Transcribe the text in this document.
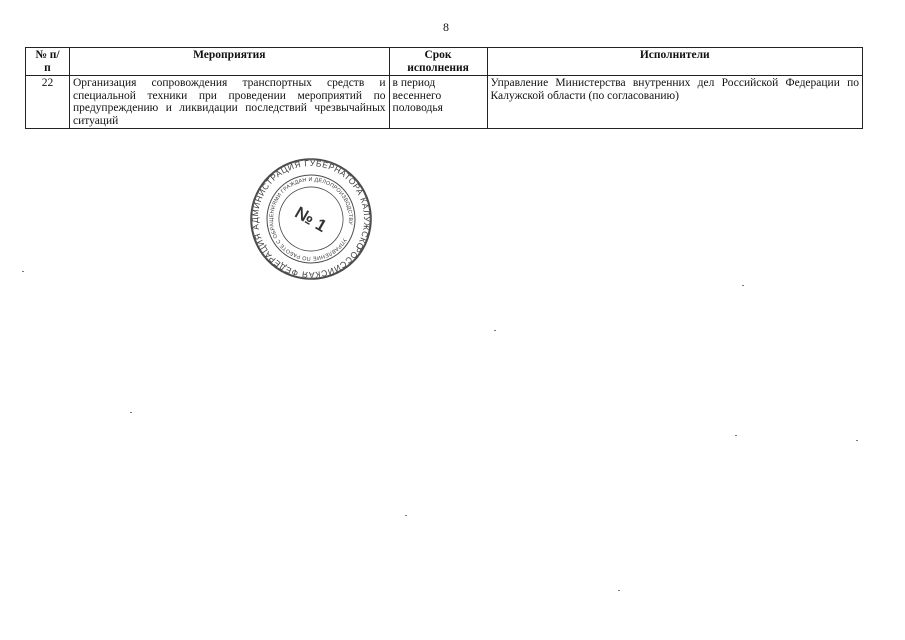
8
№ п/п	Мероприятия	Срок исполнения	Исполнители
22	Организация сопровождения транспортных средств и специальной техники при проведении мероприятий по предупреждению и ликвидации последствий чрезвычайных ситуаций	в период весеннего половодья	Управление Министерства внутренних дел Российской Федерации по Калужской области (по согласованию)
РОССИЙСКАЯ ФЕДЕРАЦИЯ АДМИНИСТРАЦИЯ ГУБЕРНАТОРА КАЛУЖСКОЙ
УПРАВЛЕНИЕ ПО РАБОТЕ С ОБРАЩЕНИЯМИ ГРАЖДАН И ДЕЛОПРОИЗВОДСТВУ
№ 1
